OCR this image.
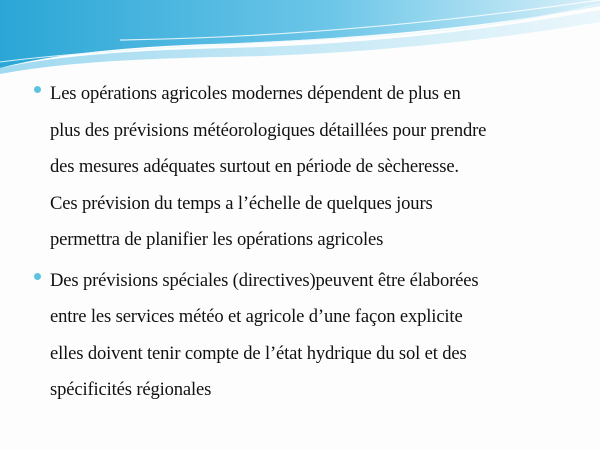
Les opérations agricoles modernes dépendent de plus en
plus des prévisions météorologiques détaillées pour prendre
des mesures adéquates surtout en période de sècheresse.
Ces prévision du temps a l’échelle de quelques jours
permettra de planifier les opérations agricoles
Des prévisions spéciales (directives)peuvent être élaborées
entre les services météo et agricole d’une façon explicite
elles doivent tenir compte de l’état hydrique du sol et des
spécificités régionales
